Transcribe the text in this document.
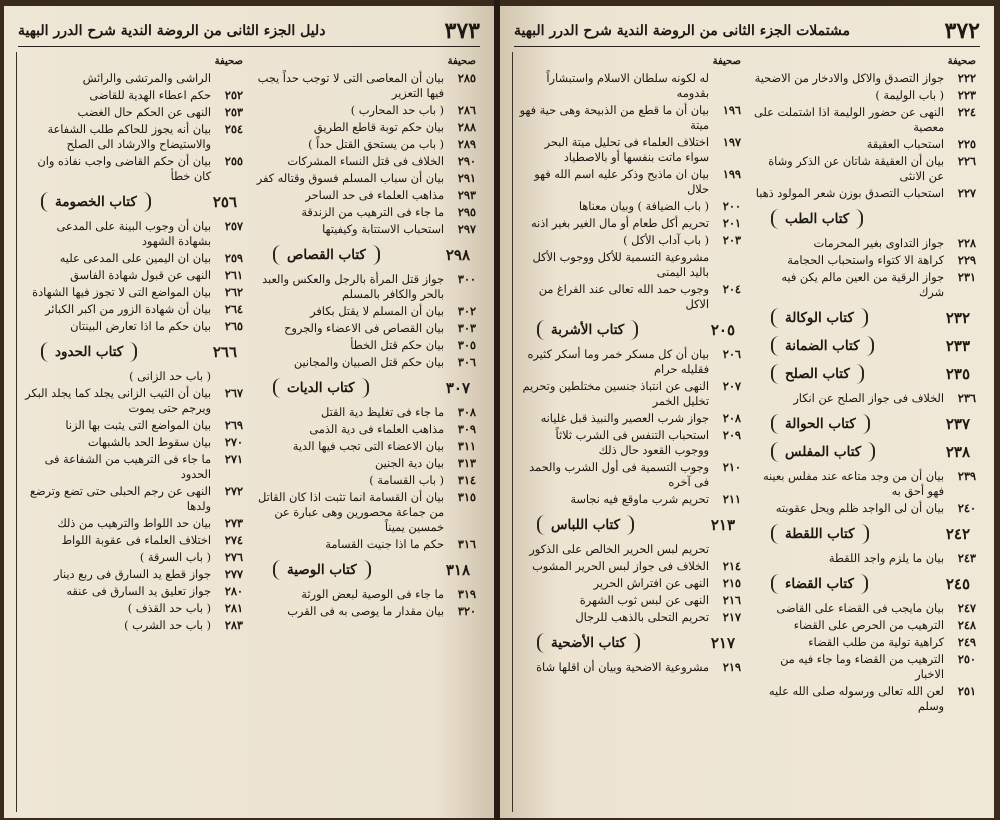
٣٧٣
دليل الجزء الثانى من الروضة الندية شرح الدرر البهية
صحيفة
الراشى والمرتشى والرائش
٢٥٢
حكم اعطاء الهدية للقاضى
٢٥٣
النهى عن الحكم حال الغضب
٢٥٤
بيان أنه يجوز للحاكم طلب الشفاعة والاستيضاح والارشاد الى الصلح
٢٥٥
بيان أن حكم القاضى واجب نفاذه وان كان خطأ
٢٥٦
كتاب الخصومة
٢٥٧
بيان أن وجوب البينة على المدعى بشهادة الشهود
٢٥٩
بيان ان اليمين على المدعى عليه
٢٦١
النهى عن قبول شهادة الفاسق
٢٦٢
بيان المواضع التى لا تجوز فيها الشهادة
٢٦٤
بيان أن شهادة الزور من اكبر الكبائر
٢٦٥
بيان حكم ما اذا تعارض البينتان
٢٦٦
كتاب الحدود
( باب حد الزانى )
٢٦٧
بيان أن الثيب الزانى يجلد كما يجلد البكر ويرجم حتى يموت
٢٦٩
بيان المواضع التى يثبت بها الزنا
٢٧٠
بيان سقوط الحد بالشبهات
٢٧١
ما جاء فى الترهيب من الشفاعة فى الحدود
٢٧٢
النهى عن رجم الحبلى حتى تضع وترضع ولدها
٢٧٣
بيان حد اللواط والترهيب من ذلك
٢٧٤
اختلاف العلماء فى عقوبة اللواط
٢٧٦
( باب السرقة )
٢٧٧
جواز قطع يد السارق فى ربع دينار
٢٨٠
جواز تعليق يد السارق فى عنقه
٢٨١
( باب حد القذف )
٢٨٣
( باب حد الشرب )
صحيفة
٢٨٥
بيان أن المعاصى التى لا توجب حداً يجب فيها التعزير
٢٨٦
( باب حد المحارب )
٢٨٨
بيان حكم توبة قاطع الطريق
٢٨٩
( باب من يستحق القتل حداً )
٢٩٠
الخلاف فى قتل النساء المشركات
٢٩١
بيان أن سباب المسلم فسوق وقتاله كفر
٢٩٣
مذاهب العلماء فى حد الساحر
٢٩٥
ما جاء فى الترهيب من الزندقة
٢٩٧
استحباب الاستتابة وكيفيتها
٢٩٨
كتاب القصاص
٣٠٠
جواز قتل المرأة بالرجل والعكس والعبد بالحر والكافر بالمسلم
٣٠٢
بيان أن المسلم لا يقتل بكافر
٣٠٣
بيان القصاص فى الاعضاء والجروح
٣٠٥
بيان حكم قتل الخطأ
٣٠٦
بيان حكم قتل الصبيان والمجانين
٣٠٧
كتاب الديات
٣٠٨
ما جاء فى تغليظ دية القتل
٣٠٩
مذاهب العلماء فى دية الذمى
٣١١
بيان الاعضاء التى تجب فيها الدية
٣١٣
بيان دية الجنين
٣١٤
( باب القسامة )
٣١٥
بيان أن القسامة انما تثبت اذا كان القاتل من جماعة محصورين وهى عبارة عن خمسين يميناً
٣١٦
حكم ما اذا جنيت القسامة
٣١٨
كتاب الوصية
٣١٩
ما جاء فى الوصية لبعض الورثة
٣٢٠
بيان مقدار ما يوصى به فى القرب
٣٧٢
مشتملات الجزء الثانى من الروضة الندية شرح الدرر البهية
صحيفة
له لكونه سلطان الاسلام واستبشاراً بقدومه
١٩٦
بيان أن ما قطع من الذبيحة وهى حية فهو ميتة
١٩٧
اختلاف العلماء فى تحليل ميتة البحر سواء ماتت بنفسها أو بالاصطياد
١٩٩
بيان ان ماذبح وذكر عليه اسم الله فهو حلال
٢٠٠
( باب الضيافة ) وبيان معناها
٢٠١
تحريم أكل طعام أو مال الغير بغير اذنه
٢٠٣
( باب آداب الأكل )
مشروعية التسمية للأكل ووجوب الأكل باليد اليمنى
٢٠٤
وجوب حمد الله تعالى عند الفراغ من الاكل
٢٠٥
كتاب الأشربة
٢٠٦
بيان أن كل مسكر خمر وما أسكر كثيره فقليله حرام
٢٠٧
النهى عن انتباذ جنسين مختلطين وتحريم تخليل الخمر
٢٠٨
جواز شرب العصير والنبيذ قبل غليانه
٢٠٩
استحباب التنفس فى الشرب ثلاثاً ووجوب القعود حال ذلك
٢١٠
وجوب التسمية فى أول الشرب والحمد فى آخره
٢١١
تحريم شرب ماوقع فيه نجاسة
٢١٣
كتاب اللباس
تحريم لبس الحرير الخالص على الذكور
٢١٤
الخلاف فى جواز لبس الحرير المشوب
٢١٥
النهى عن افتراش الحرير
٢١٦
النهى عن لبس ثوب الشهرة
٢١٧
تحريم التحلى بالذهب للرجال
٢١٧
كتاب الأضحية
٢١٩
مشروعية الاضحية وبيان أن اقلها شاة
صحيفة
٢٢٢
جواز التصدق والاكل والادخار من الاضحية
٢٢٣
( باب الوليمة )
٢٢٤
النهى عن حضور الوليمة اذا اشتملت على معصية
٢٢٥
استحباب العقيقة
٢٢٦
بيان أن العقيقة شاتان عن الذكر وشاة عن الانثى
٢٢٧
استحباب التصدق بوزن شعر المولود ذهبا
كتاب الطب
٢٢٨
جواز التداوى بغير المحرمات
٢٢٩
كراهة الا كتواء واستحباب الحجامة
٢٣١
جواز الرقية من العين مالم يكن فيه شرك
٢٣٢
كتاب الوكالة
٢٣٣
كتاب الضمانة
٢٣٥
كتاب الصلح
٢٣٦
الخلاف فى جواز الصلح عن انكار
٢٣٧
كتاب الحوالة
٢٣٨
كتاب المفلس
٢٣٩
بيان أن من وجد متاعه عند مفلس بعينه فهو أحق به
٢٤٠
بيان أن لى الواجد ظلم ويحل عقوبته
٢٤٢
كتاب اللقطة
٢٤٣
بيان ما يلزم واجد اللقطة
٢٤٥
كتاب القضاء
٢٤٧
بيان مايجب فى القضاء على القاضى
٢٤٨
الترهيب من الحرص على القضاء
٢٤٩
كراهية تولية من طلب القضاء
٢٥٠
الترهيب من القضاء وما جاء فيه من الاخبار
٢٥١
لعن الله تعالى ورسوله صلى الله عليه وسلم
